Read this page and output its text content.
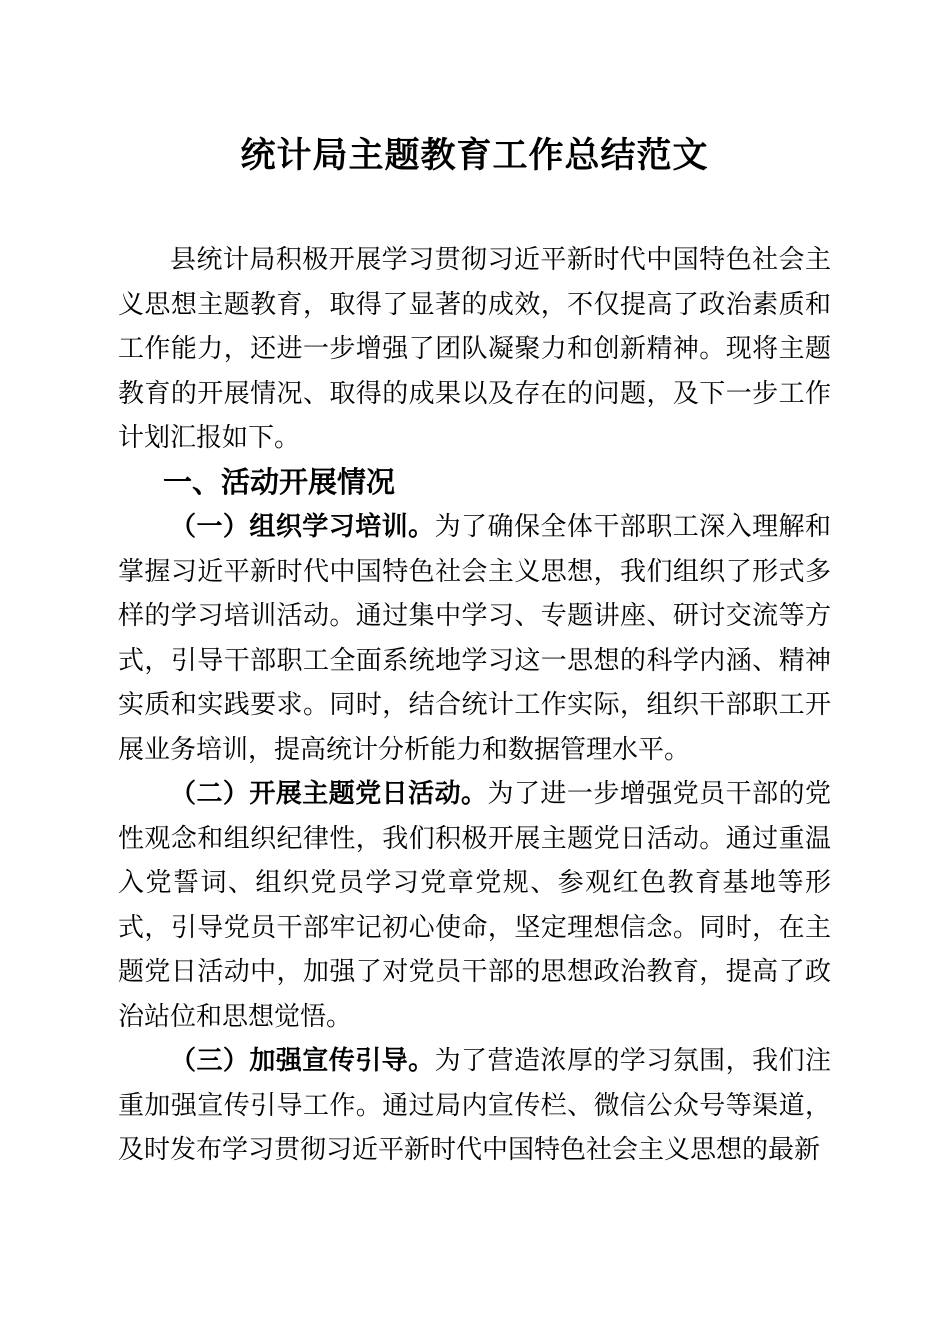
统计局主题教育工作总结范文

县统计局积极开展学习贯彻习近平新时代中国特色社会主义思想主题教育，取得了显著的成效，不仅提高了政治素质和工作能力，还进一步增强了团队凝聚力和创新精神。现将主题教育的开展情况、取得的成果以及存在的问题，及下一步工作计划汇报如下。

一、活动开展情况

（一）组织学习培训。为了确保全体干部职工深入理解和掌握习近平新时代中国特色社会主义思想，我们组织了形式多样的学习培训活动。通过集中学习、专题讲座、研讨交流等方式，引导干部职工全面系统地学习这一思想的科学内涵、精神实质和实践要求。同时，结合统计工作实际，组织干部职工开展业务培训，提高统计分析能力和数据管理水平。

（二）开展主题党日活动。为了进一步增强党员干部的党性观念和组织纪律性，我们积极开展主题党日活动。通过重温入党誓词、组织党员学习党章党规、参观红色教育基地等形式，引导党员干部牢记初心使命，坚定理想信念。同时，在主题党日活动中，加强了对党员干部的思想政治教育，提高了政治站位和思想觉悟。

（三）加强宣传引导。为了营造浓厚的学习氛围，我们注重加强宣传引导工作。通过局内宣传栏、微信公众号等渠道，及时发布学习贯彻习近平新时代中国特色社会主义思想的最新
